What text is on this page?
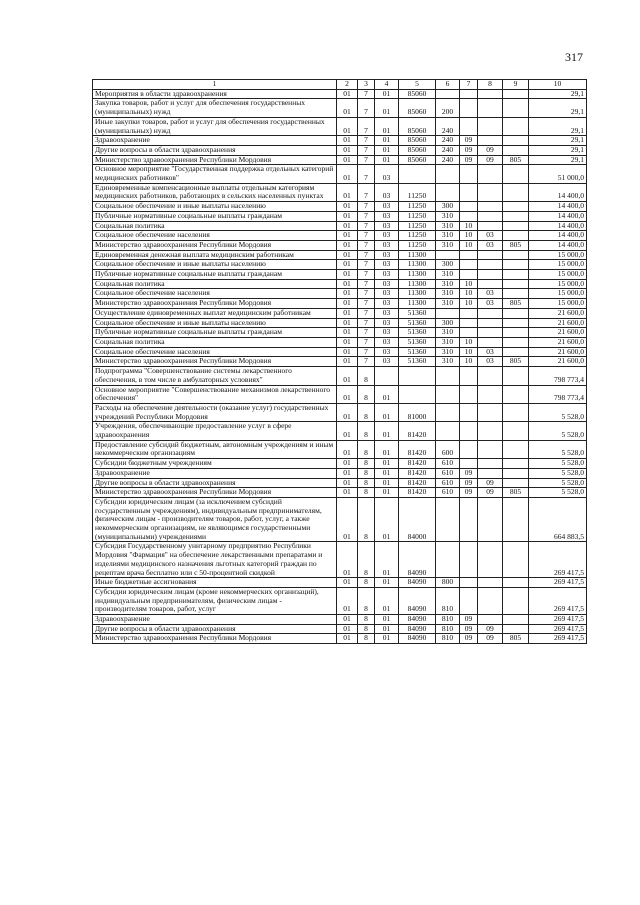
317
1	2	3	4	5	6	7	8	9	10
Мероприятия в области здравоохранения	01	7	01	85060					29,1
Закупка товаров, работ и услуг для обеспечения государственных (муниципальных) нужд	01	7	01	85060	200				29,1
Иные закупки товаров, работ и услуг для обеспечения государственных (муниципальных) нужд	01	7	01	85060	240				29,1
Здравоохранение	01	7	01	85060	240	09			29,1
Другие вопросы в области здравоохранения	01	7	01	85060	240	09	09		29,1
Министерство здравоохранения Республики Мордовия	01	7	01	85060	240	09	09	805	29,1
Основное мероприятие "Государственная поддержка отдельных категорий медицинских работников"	01	7	03						51 000,0
Единовременные компенсационные выплаты отдельным категориям медицинских работников, работающих в сельских населенных пунктах	01	7	03	11250					14 400,0
Социальное обеспечение и иные выплаты населению	01	7	03	11250	300				14 400,0
Публичные нормативные социальные выплаты гражданам	01	7	03	11250	310				14 400,0
Социальная политика	01	7	03	11250	310	10			14 400,0
Социальное обеспечение населения	01	7	03	11250	310	10	03		14 400,0
Министерство здравоохранения Республики Мордовия	01	7	03	11250	310	10	03	805	14 400,0
Единовременная денежная выплата медицинским работникам	01	7	03	11300					15 000,0
Социальное обеспечение и иные выплаты населению	01	7	03	11300	300				15 000,0
Публичные нормативные социальные выплаты гражданам	01	7	03	11300	310				15 000,0
Социальная политика	01	7	03	11300	310	10			15 000,0
Социальное обеспечение населения	01	7	03	11300	310	10	03		15 000,0
Министерство здравоохранения Республики Мордовия	01	7	03	11300	310	10	03	805	15 000,0
Осуществление единовременных выплат медицинским работникам	01	7	03	51360					21 600,0
Социальное обеспечение и иные выплаты населению	01	7	03	51360	300				21 600,0
Публичные нормативные социальные выплаты гражданам	01	7	03	51360	310				21 600,0
Социальная политика	01	7	03	51360	310	10			21 600,0
Социальное обеспечение населения	01	7	03	51360	310	10	03		21 600,0
Министерство здравоохранения Республики Мордовия	01	7	03	51360	310	10	03	805	21 600,0
Подпрограмма "Совершенствование системы лекарственного обеспечения, в том числе в амбулаторных условиях"	01	8							798 773,4
Основное мероприятие "Совершенствование механизмов лекарственного обеспечения"	01	8	01						798 773,4
Расходы на обеспечение деятельности (оказание услуг) государственных учреждений Республики Мордовия	01	8	01	81000					5 528,0
Учреждения, обеспечивающие предоставление услуг в сфере здравоохранения	01	8	01	81420					5 528,0
Предоставление субсидий бюджетным, автономным учреждениям и иным некоммерческим организациям	01	8	01	81420	600				5 528,0
Субсидии бюджетным учреждениям	01	8	01	81420	610				5 528,0
Здравоохранение	01	8	01	81420	610	09			5 528,0
Другие вопросы в области здравоохранения	01	8	01	81420	610	09	09		5 528,0
Министерство здравоохранения Республики Мордовия	01	8	01	81420	610	09	09	805	5 528,0
Субсидии юридическим лицам (за исключением субсидий государственным учреждениям), индивидуальным предпринимателям, физическим лицам - производителям товаров, работ, услуг, а также некоммерческим организациям, не являющимся государственными (муниципальными) учреждениями	01	8	01	84000					664 883,5
Субсидия Государственному унитарному предприятию Республики Мордовия "Фармация" на обеспечение лекарственными препаратами и изделиями медицинского назначения льготных категорий граждан по рецептам врача бесплатно или с 50-процентной скидкой	01	8	01	84090					269 417,5
Иные бюджетные ассигнования	01	8	01	84090	800				269 417,5
Субсидии юридическим лицам (кроме некоммерческих организаций), индивидуальным предпринимателям, физическим лицам - производителям товаров, работ, услуг	01	8	01	84090	810				269 417,5
Здравоохранение	01	8	01	84090	810	09			269 417,5
Другие вопросы в области здравоохранения	01	8	01	84090	810	09	09		269 417,5
Министерство здравоохранения Республики Мордовия	01	8	01	84090	810	09	09	805	269 417,5
